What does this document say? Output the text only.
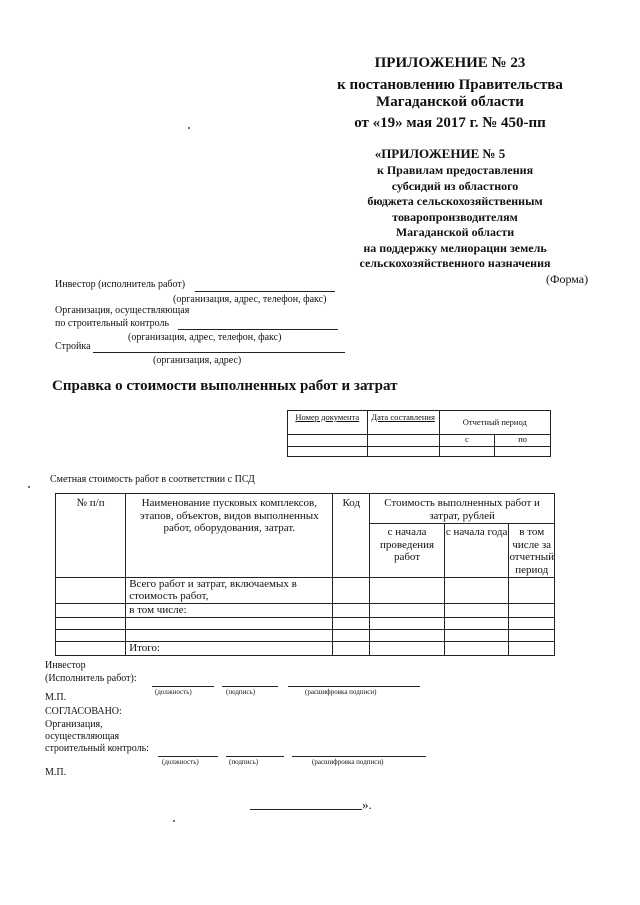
ПРИЛОЖЕНИЕ № 23
к постановлению Правительства
Магаданской области
от «19» мая 2017 г. № 450-пп
«ПРИЛОЖЕНИЕ № 5
к Правилам предоставления
субсидий из областного
бюджета сельскохозяйственным
товаропроизводителям
Магаданской области
на поддержку мелиорации земель
сельскохозяйственного назначения
(Форма)
Инвестор (исполнитель работ)
(организация, адрес, телефон, факс)
Организация, осуществляющая
по строительный контроль
(организация, адрес, телефон, факс)
Стройка
(организация, адрес)
Справка о стоимости выполненных работ и затрат
Номер документа	Дата составления	Отчетный период	

		с	по

Сметная стоимость работ в соответствии с ПСД
№ п/п	Наименование пусковых комплексов, этапов, объектов, видов выполненных работ, оборудования, затрат.	Код	Стоимость выполненных работ и затрат, рублей		
			с начала проведения работ	с начала года	в том числе за отчетный период
	Всего работ и затрат, включаемых в стоимость работ,				
	в том числе:				

	Итого:				
Инвестор
(Исполнитель работ):
(должность)	(подпись)	(расшифровка подписи)
М.П.
СОГЛАСОВАНО:
Организация,
осуществляющая
строительный контроль:
(должность)	(подпись)	(расшифровка подписи)
М.П.
».
